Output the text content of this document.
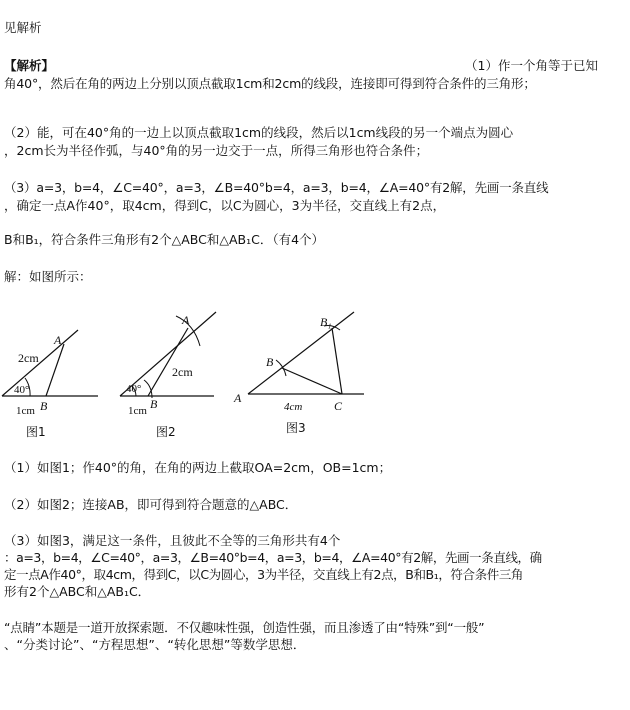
见解析
【解析】	（1）作一个角等于已知
角40°，然后在角的两边上分别以顶点截取1cm和2cm的线段，连接即可得到符合条件的三角形；
（2）能，可在40°角的一边上以顶点截取1cm的线段，然后以1cm线段的另一个端点为圆心
，2cm长为半径作弧，与40°角的另一边交于一点，所得三角形也符合条件；
（3）a=3，b=4，∠C=40°，a=3，∠B=40°b=4，a=3，b=4，∠A=40°有2解，先画一条直线
，确定一点A作40°，取4cm，得到C，以C为圆心，3为半径，交直线上有2点，
B和B₁，符合条件三角形有2个△ABC和△AB₁C．（有4个）
解：如图所示：
2cm
A
40°
B
1cm
图1
A
2cm
40°
B
1cm
图2
B₁
B
A
C
4cm
图3
（1）如图1；作40°的角，在角的两边上截取OA=2cm，OB=1cm；
（2）如图2；连接AB，即可得到符合题意的△ABC．
（3）如图3，满足这一条件，且彼此不全等的三角形共有4个
：a=3，b=4，∠C=40°，a=3，∠B=40°b=4，a=3，b=4，∠A=40°有2解，先画一条直线，确
定一点A作40°，取4cm，得到C，以C为圆心，3为半径，交直线上有2点，B和B₁，符合条件三角
形有2个△ABC和△AB₁C．
“点睛”本题是一道开放探索题．不仅趣味性强，创造性强，而且渗透了由“特殊”到“一般”
、“分类讨论”、“方程思想”、“转化思想”等数学思想．
